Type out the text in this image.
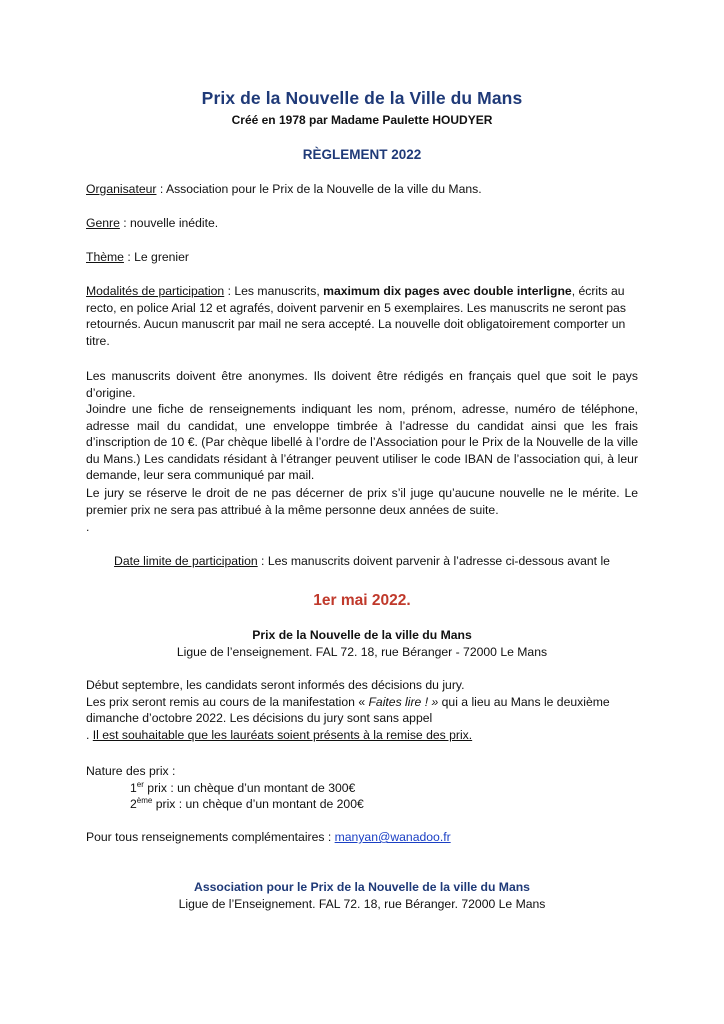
Prix de la Nouvelle de la Ville du Mans
Créé en 1978 par Madame Paulette HOUDYER
RÈGLEMENT 2022
Organisateur : Association pour le Prix de la Nouvelle de la ville du Mans.
Genre : nouvelle inédite.
Thème : Le grenier
Modalités de participation : Les manuscrits, maximum dix pages avec double interligne, écrits au recto, en police Arial 12 et agrafés, doivent parvenir en 5 exemplaires. Les manuscrits ne seront pas retournés. Aucun manuscrit par mail ne sera accepté. La nouvelle doit obligatoirement comporter un titre.
Les manuscrits doivent être anonymes. Ils doivent être rédigés en français quel que soit le pays d’origine.
Joindre une fiche de renseignements indiquant les nom, prénom, adresse, numéro de téléphone, adresse mail du candidat, une enveloppe timbrée à l’adresse du candidat ainsi que les frais d’inscription de 10 €. (Par chèque libellé à l’ordre de l’Association pour le Prix de la Nouvelle de la ville du Mans.) Les candidats résidant à l’étranger peuvent utiliser le code IBAN de l’association qui, à leur demande, leur sera communiqué par mail.
Le jury se réserve le droit de ne pas décerner de prix s’il juge qu’aucune nouvelle ne le mérite. Le premier prix ne sera pas attribué à la même personne deux années de suite.
.
Date limite de participation : Les manuscrits doivent parvenir à l’adresse ci-dessous avant le
1er mai 2022.
Prix de la Nouvelle de la ville du Mans
Ligue de l’enseignement. FAL 72. 18, rue Béranger - 72000 Le Mans
Début septembre, les candidats seront informés des décisions du jury.
Les prix seront remis au cours de la manifestation « Faites lire ! » qui a lieu au Mans le deuxième dimanche d’octobre 2022. Les décisions du jury sont sans appel
. Il est souhaitable que les lauréats soient présents à la remise des prix.
Nature des prix :
1er prix : un chèque d’un montant de 300€
2ème prix : un chèque d’un montant de 200€
Pour tous renseignements complémentaires : manyan@wanadoo.fr
Association pour le Prix de la Nouvelle de la ville du Mans
Ligue de l’Enseignement. FAL 72. 18, rue Béranger. 72000 Le Mans
